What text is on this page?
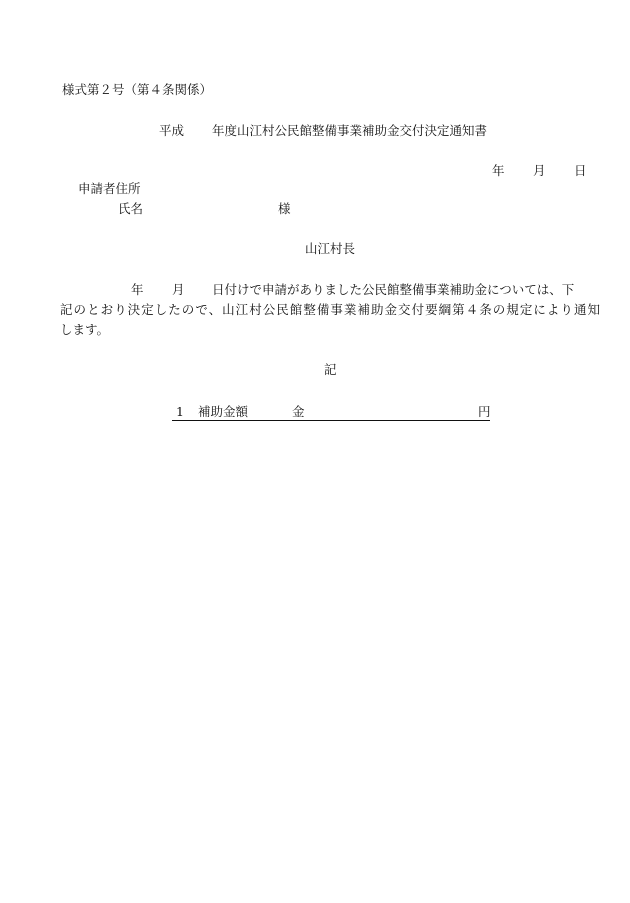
様式第２号（第４条関係）
平成 年度山江村公民館整備事業補助金交付決定通知書
年 月 日
申請者住所
氏名	様
山江村長
年 月 日付けで申請がありました公民館整備事業補助金については、下
記のとおり決定したので、山江村公民館整備事業補助金交付要綱第４条の規定により通知
します。
記
1 補助金額	金	円
